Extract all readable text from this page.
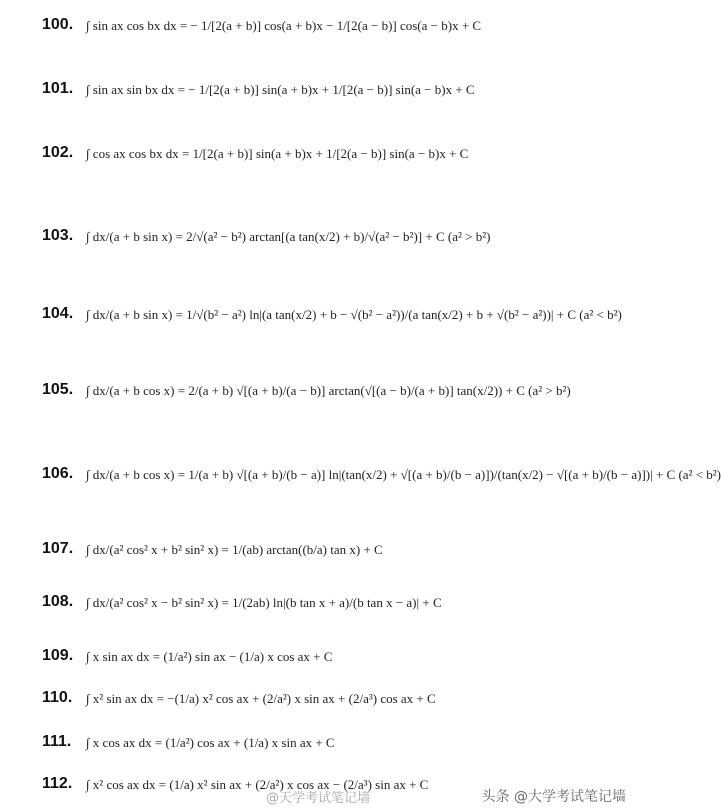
100. ∫ sin ax cos bx dx = − 1/[2(a + b)] cos(a + b)x − 1/[2(a − b)] cos(a − b)x + C
101. ∫ sin ax sin bx dx = − 1/[2(a + b)] sin(a + b)x + 1/[2(a − b)] sin(a − b)x + C
102. ∫ cos ax cos bx dx = 1/[2(a + b)] sin(a + b)x + 1/[2(a − b)] sin(a − b)x + C
103. ∫ dx/(a + b sin x) = 2/√(a² − b²) arctan[(a tan(x/2) + b)/√(a² − b²)] + C (a² > b²)
104. ∫ dx/(a + b sin x) = 1/√(b² − a²) ln|(a tan(x/2) + b − √(b² − a²))/(a tan(x/2) + b + √(b² − a²))| + C (a² < b²)
105. ∫ dx/(a + b cos x) = 2/(a + b) √[(a + b)/(a − b)] arctan(√[(a − b)/(a + b)] tan(x/2)) + C (a² > b²)
106. ∫ dx/(a + b cos x) = 1/(a + b) √[(a + b)/(b − a)] ln|(tan(x/2) + √[(a + b)/(b − a)])/(tan(x/2) − √[(a + b)/(b − a)])| + C (a² < b²)
107. ∫ dx/(a² cos² x + b² sin² x) = 1/(ab) arctan((b/a) tan x) + C
108. ∫ dx/(a² cos² x − b² sin² x) = 1/(2ab) ln|(b tan x + a)/(b tan x − a)| + C
109. ∫ x sin ax dx = (1/a²) sin ax − (1/a) x cos ax + C
110. ∫ x² sin ax dx = −(1/a) x² cos ax + (2/a²) x sin ax + (2/a³) cos ax + C
111.	∫ x cos ax dx = (1/a²) cos ax + (1/a) x sin ax + C
112. ∫ x² cos ax dx = (1/a) x² sin ax + (2/a²) x cos ax − (2/a³) sin ax + C
@天学考试笔记墙	头条 @大学考试笔记墙
